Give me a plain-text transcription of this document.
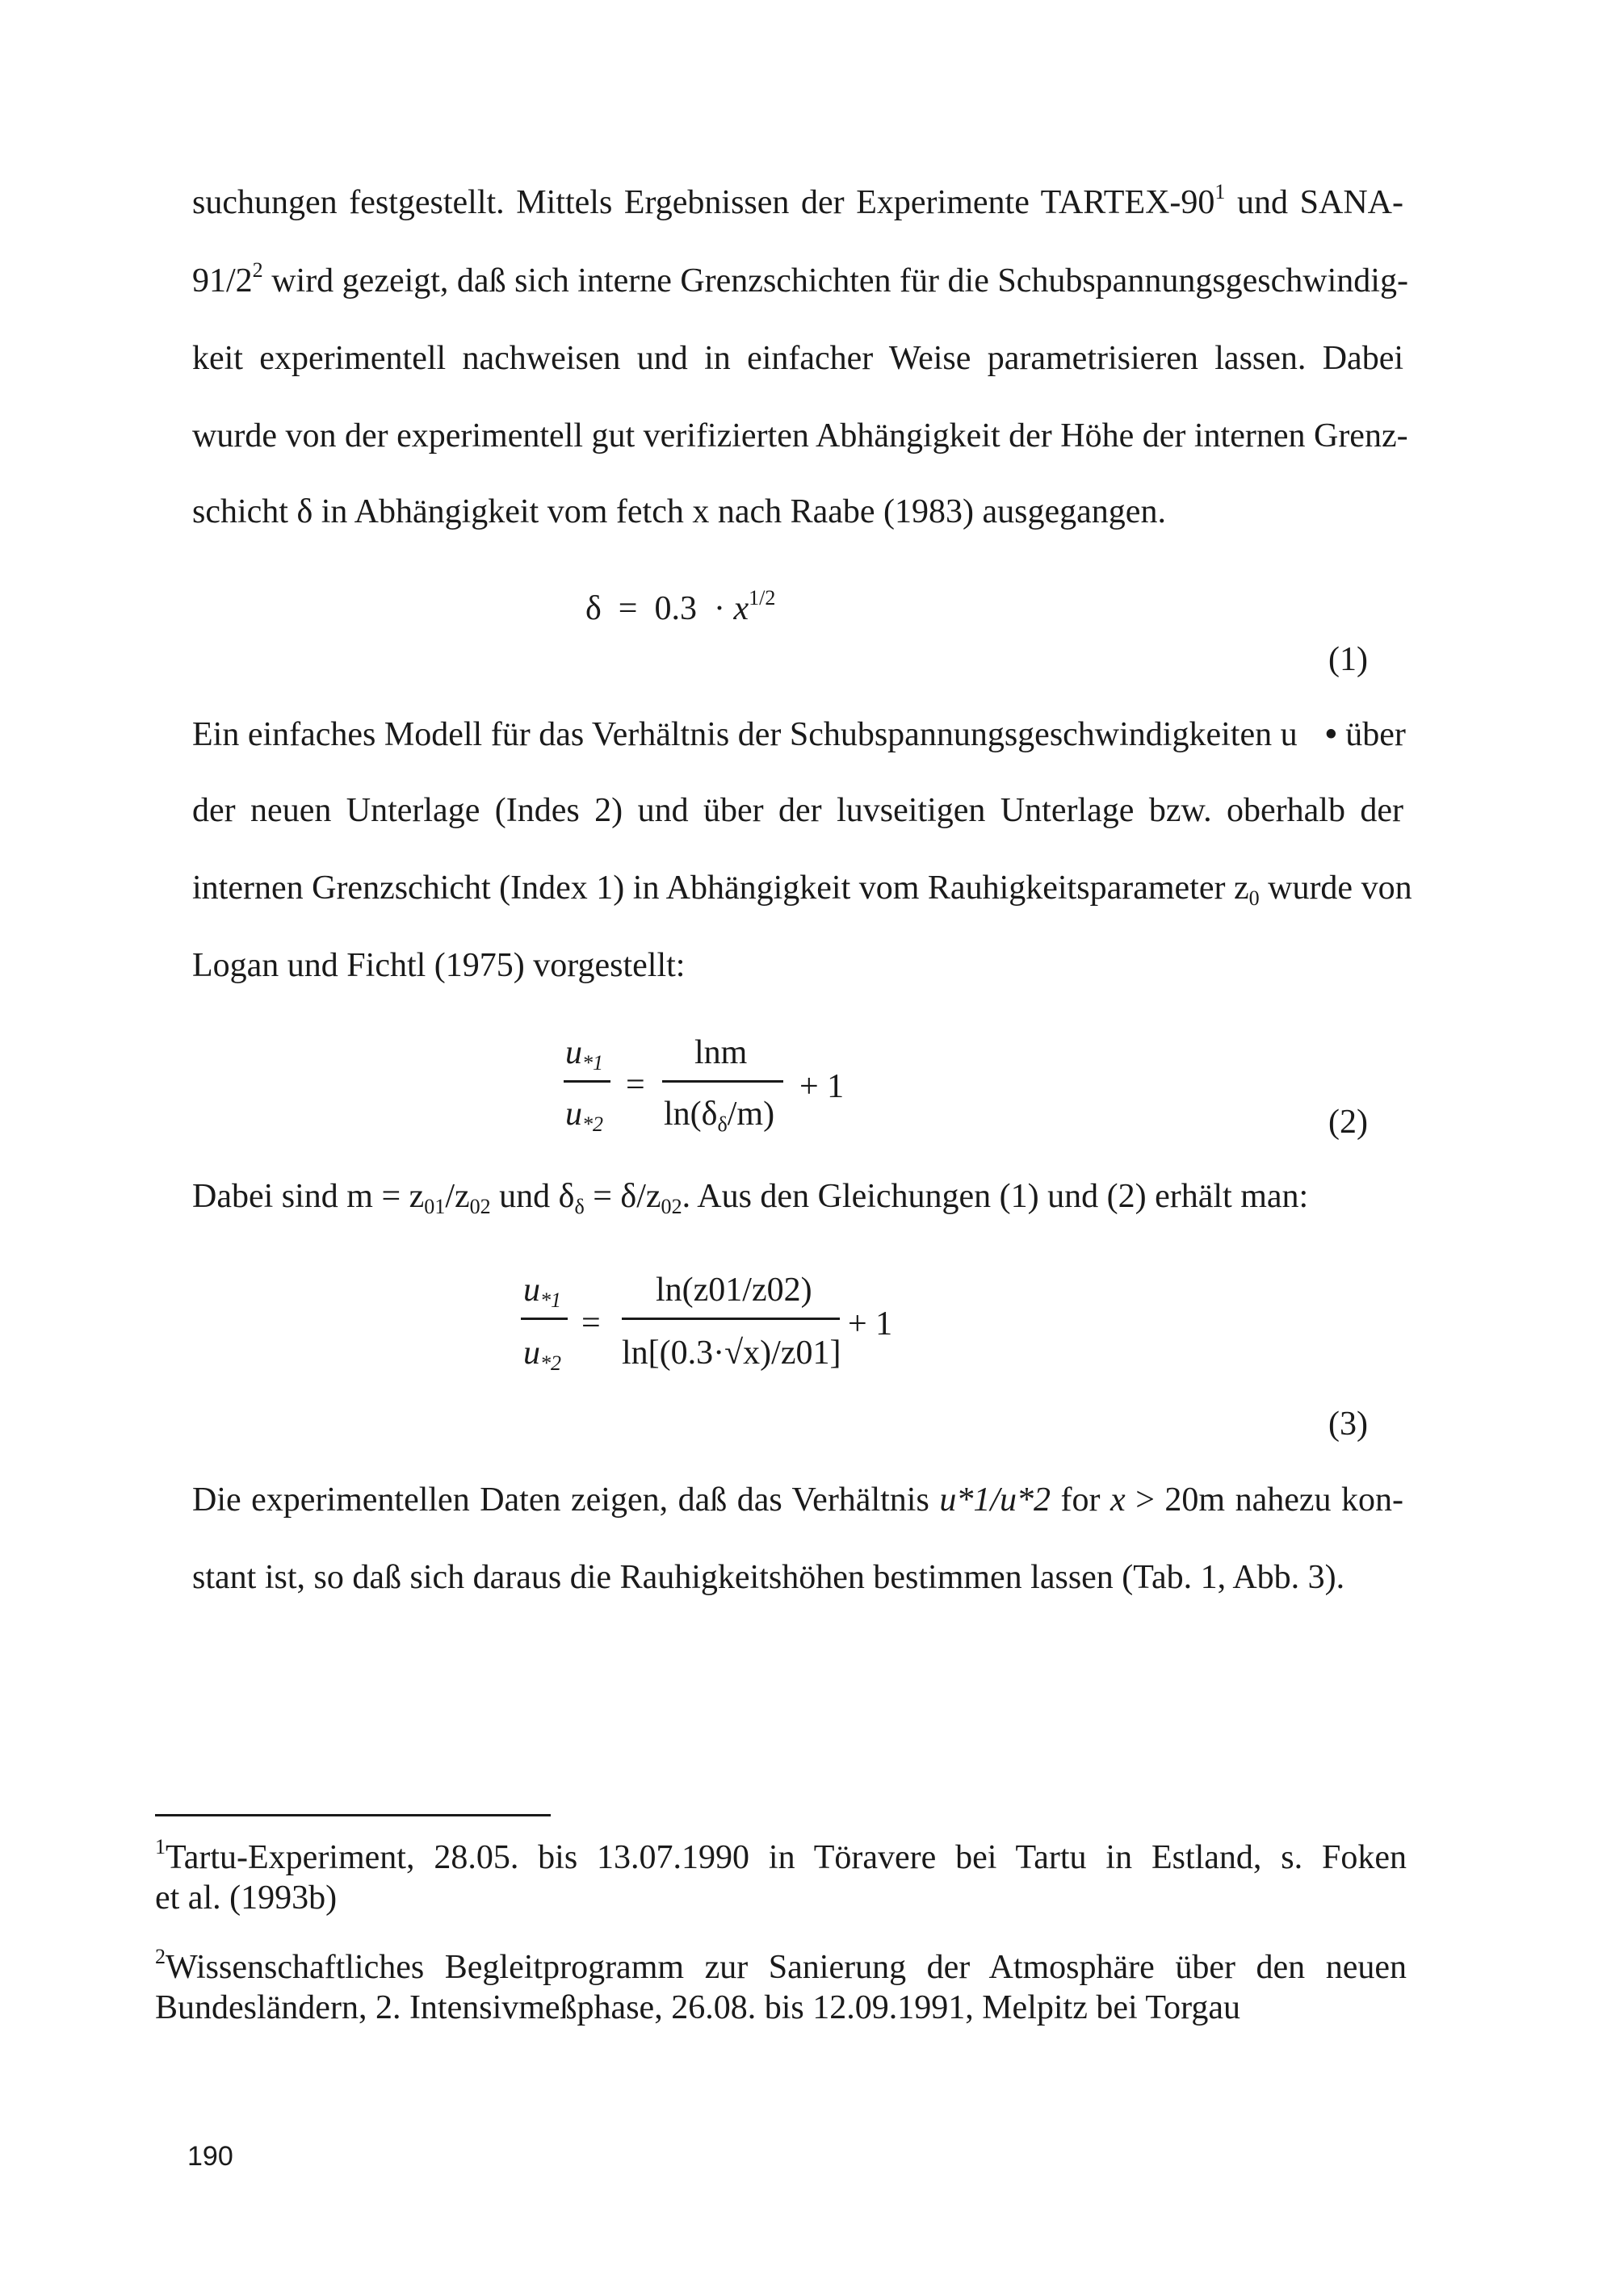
suchungen festgestellt. Mittels Ergebnissen der Experimente TARTEX-$90^1$ und SANA-
$91/2^2$ wird gezeigt, daß sich interne Grenzschichten für die Schubspannungsgeschwindig-
keit experimentell nachweisen und in einfacher Weise parametrisieren lassen. Dabei
wurde von der experimentell gut verifizierten Abhängigkeit der Höhe der internen Grenz-
schicht δ in Abhängigkeit vom fetch x nach Raabe (1983) ausgegangen.
$\delta = 0.3 \cdot x^{1/2}$
(1)
Ein einfaches Modell für das Verhältnis der Schubspannungsgeschwindigkeiten u  • über
der neuen Unterlage (Indes 2) und über der luvseitigen Unterlage bzw. oberhalb der
internen Grenzschicht (Index 1) in Abhängigkeit vom Rauhigkeitsparameter $z_0$ wurde von
Logan und Fichtl (1975) vorgestellt:
$u_{*1}$
$u_{*2}$
=
lnm
$\ln(\delta_\delta/m)$
+ 1
(2)
Dabei sind $m = z_{01}/z_{02}$ und $\delta_\delta = \delta/z_{02}$. Aus den Gleichungen (1) und (2) erhält man:
$u_{*1}$
$u_{*2}$
=
ln(z01/z02)
ln[(0.3·√x)/z01]
+ 1
(3)
Die experimentellen Daten zeigen, daß das Verhältnis u*1/u*2 for x > 20m nahezu kon-
stant ist, so daß sich daraus die Rauhigkeitshöhen bestimmen lassen (Tab. 1, Abb. 3).
$^1$Tartu-Experiment, 28.05. bis 13.07.1990 in Töravere bei Tartu in Estland, s. Foken
et al. (1993b)
$^2$Wissenschaftliches Begleitprogramm zur Sanierung der Atmosphäre über den neuen
Bundesländern, 2. Intensivmeßphase, 26.08. bis 12.09.1991, Melpitz bei Torgau
190
